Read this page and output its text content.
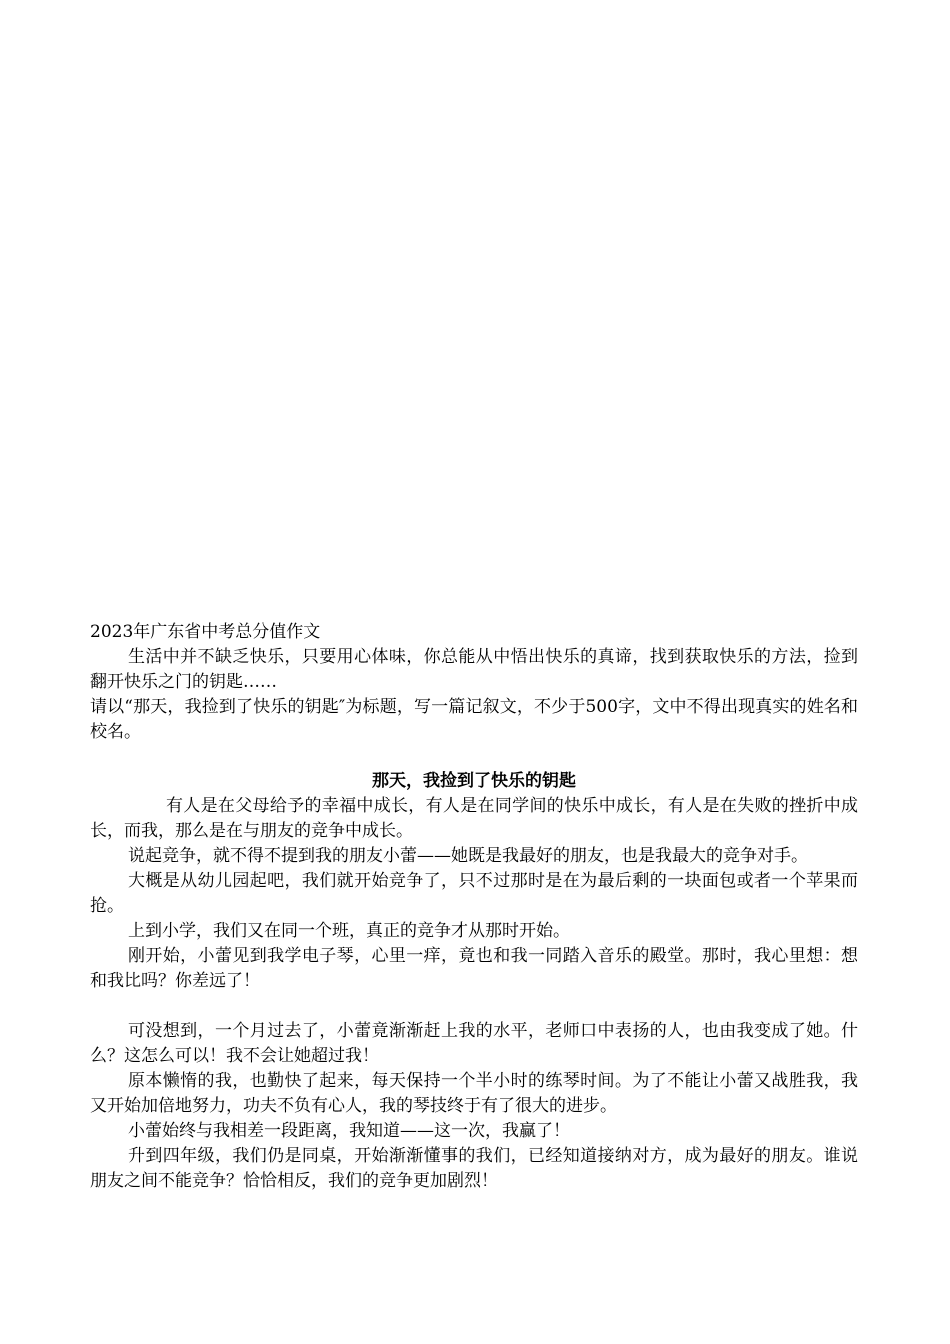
2023年广东省中考总分值作文

生活中并不缺乏快乐，只要用心体味，你总能从中悟出快乐的真谛，找到获取快乐的方法，捡到翻开快乐之门的钥匙……

请以“那天，我捡到了快乐的钥匙″为标题，写一篇记叙文，不少于500字，文中不得出现真实的姓名和校名。

那天，我捡到了快乐的钥匙

有人是在父母给予的幸福中成长，有人是在同学间的快乐中成长，有人是在失败的挫折中成长，而我，那么是在与朋友的竞争中成长。

说起竞争，就不得不提到我的朋友小蕾——她既是我最好的朋友，也是我最大的竞争对手。

大概是从幼儿园起吧，我们就开始竞争了，只不过那时是在为最后剩的一块面包或者一个苹果而抢。

上到小学，我们又在同一个班，真正的竞争才从那时开始。

刚开始，小蕾见到我学电子琴，心里一痒，竟也和我一同踏入音乐的殿堂。那时，我心里想：想和我比吗？你差远了！

可没想到，一个月过去了，小蕾竟渐渐赶上我的水平，老师口中表扬的人，也由我变成了她。什么？这怎么可以！我不会让她超过我！

原本懒惰的我，也勤快了起来，每天保持一个半小时的练琴时间。为了不能让小蕾又战胜我，我又开始加倍地努力，功夫不负有心人，我的琴技终于有了很大的进步。

小蕾始终与我相差一段距离，我知道——这一次，我赢了！

升到四年级，我们仍是同桌，开始渐渐懂事的我们，已经知道接纳对方，成为最好的朋友。谁说朋友之间不能竞争？恰恰相反，我们的竞争更加剧烈！
